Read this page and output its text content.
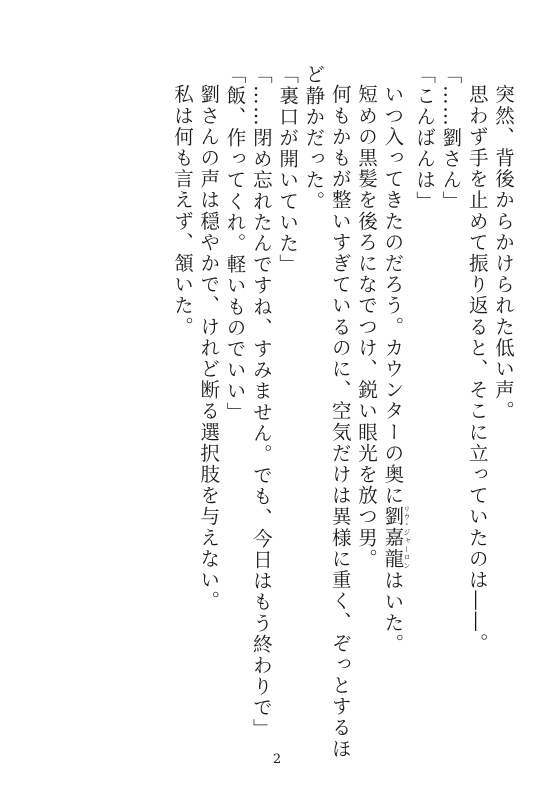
突然、背後からかけられた低い声。

思わず手を止めて振り返ると、そこに立っていたのは――。

「……劉さん」

「こんばんは」

いつ入ってきたのだろう。カウンターの奥に劉リウ・嘉龍ジャーロンはいた。

短めの黒髪を後ろになでつけ、鋭い眼光を放つ男。

何もかもが整いすぎているのに、空気だけは異様に重く、ぞっとするほど静かだった。

「裏口が開いていた」

「……閉め忘れたんですね、すみません。でも、今日はもう終わりで」

「飯、作ってくれ。軽いものでいい」

劉さんの声は穏やかで、けれど断る選択肢を与えない。

私は何も言えず、頷いた。

2
